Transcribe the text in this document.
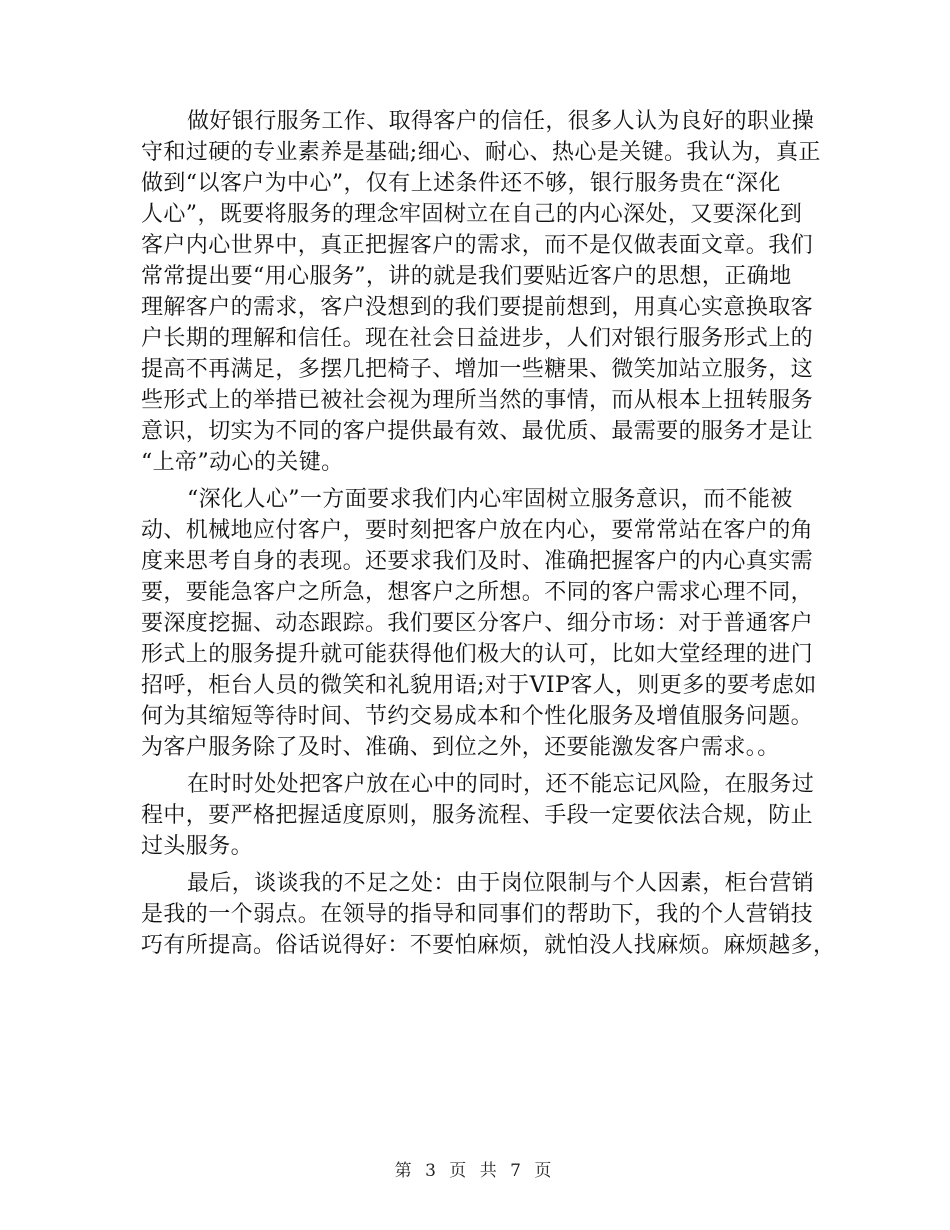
做好银行服务工作、取得客户的信任，很多人认为良好的职业操
守和过硬的专业素养是基础;细心、耐心、热心是关键。我认为，真正
做到“以客户为中心”，仅有上述条件还不够，银行服务贵在“深化
人心”，既要将服务的理念牢固树立在自己的内心深处，又要深化到
客户内心世界中，真正把握客户的需求，而不是仅做表面文章。我们
常常提出要“用心服务”，讲的就是我们要贴近客户的思想，正确地
理解客户的需求，客户没想到的我们要提前想到，用真心实意换取客
户长期的理解和信任。现在社会日益进步，人们对银行服务形式上的
提高不再满足，多摆几把椅子、增加一些糖果、微笑加站立服务，这
些形式上的举措已被社会视为理所当然的事情，而从根本上扭转服务
意识，切实为不同的客户提供最有效、最优质、最需要的服务才是让
“上帝”动心的关键。
“深化人心”一方面要求我们内心牢固树立服务意识，而不能被
动、机械地应付客户，要时刻把客户放在内心，要常常站在客户的角
度来思考自身的表现。还要求我们及时、准确把握客户的内心真实需
要，要能急客户之所急，想客户之所想。不同的客户需求心理不同，
要深度挖掘、动态跟踪。我们要区分客户、细分市场：对于普通客户
形式上的服务提升就可能获得他们极大的认可，比如大堂经理的进门
招呼，柜台人员的微笑和礼貌用语;对于VIP客人，则更多的要考虑如
何为其缩短等待时间、节约交易成本和个性化服务及增值服务问题。
为客户服务除了及时、准确、到位之外，还要能激发客户需求。。
在时时处处把客户放在心中的同时，还不能忘记风险，在服务过
程中，要严格把握适度原则，服务流程、手段一定要依法合规，防止
过头服务。
最后，谈谈我的不足之处：由于岗位限制与个人因素，柜台营销
是我的一个弱点。在领导的指导和同事们的帮助下，我的个人营销技
巧有所提高。俗话说得好：不要怕麻烦，就怕没人找麻烦。麻烦越多，
第 3 页 共 7 页
